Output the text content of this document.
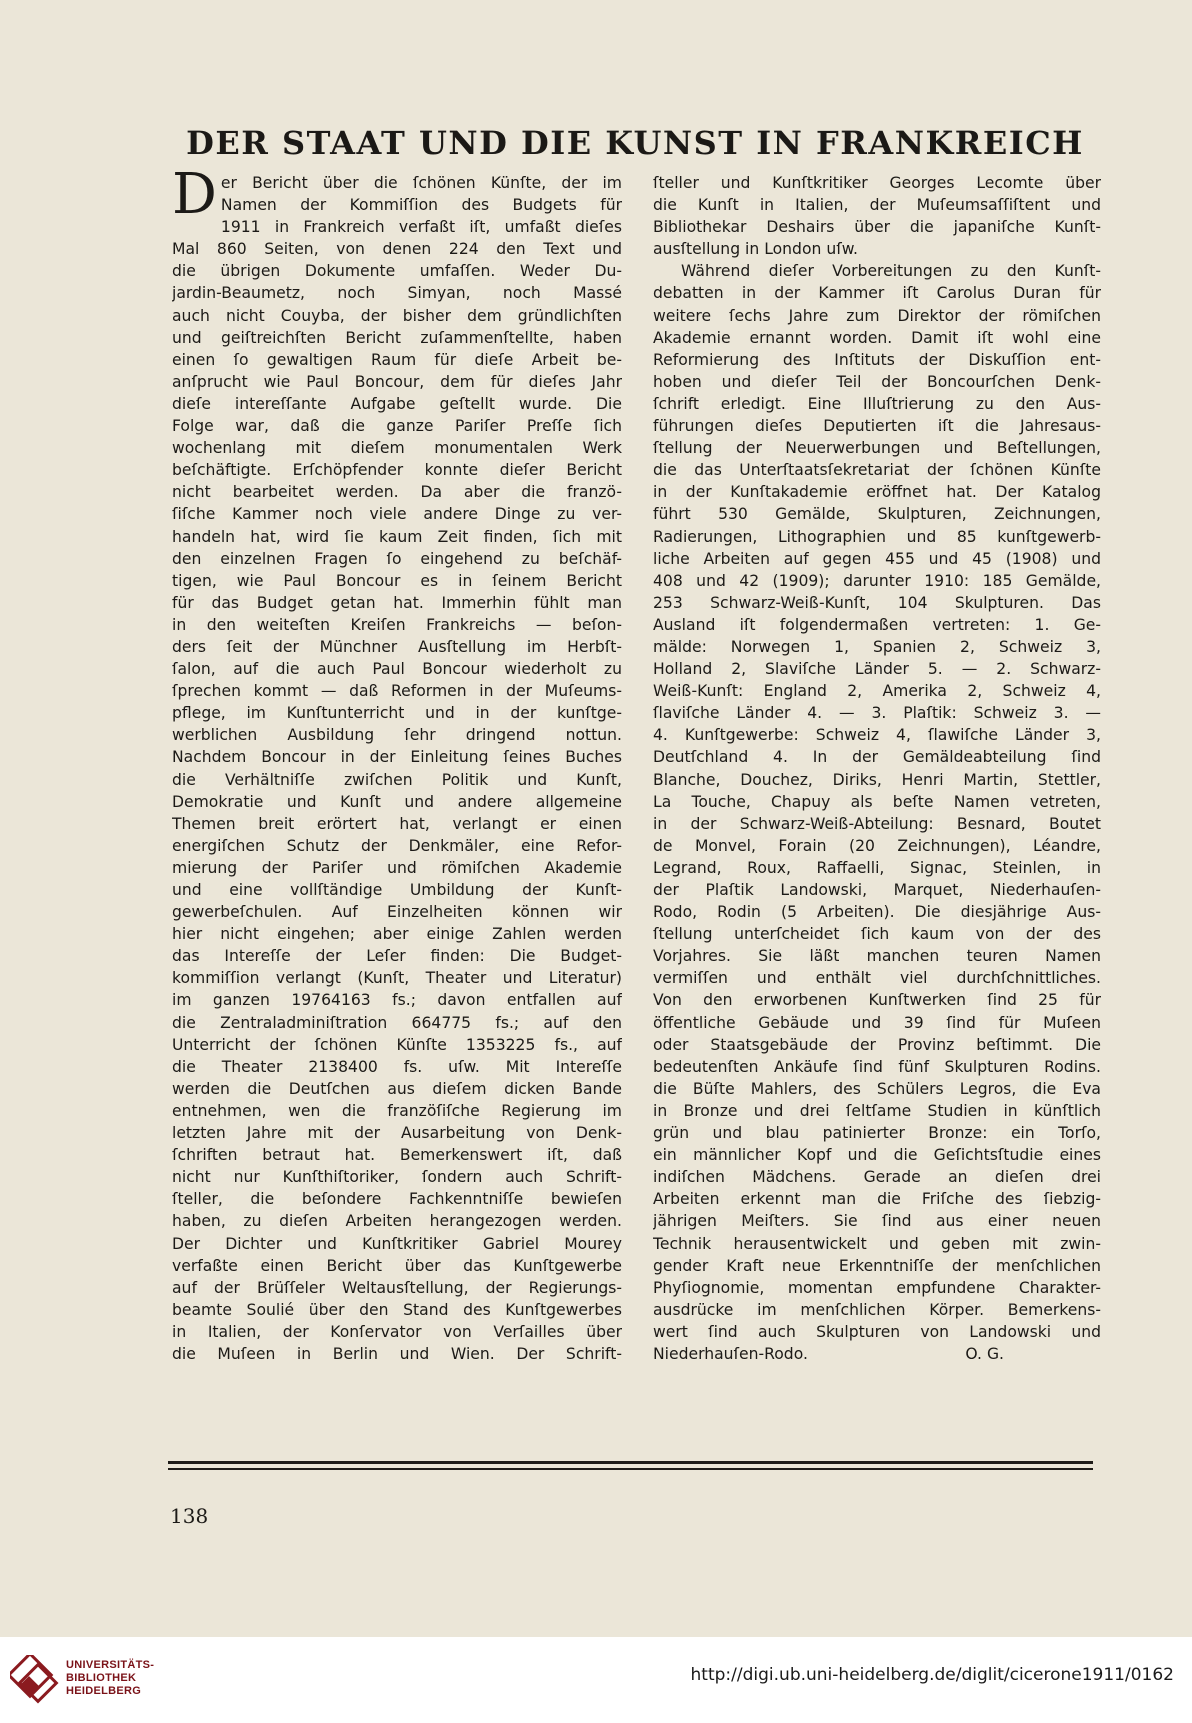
DER STAAT UND DIE KUNST IN FRANKREICH
D er Bericht über die ſchönen Künſte, der im
Namen der Kommiſſion des Budgets für
1911 in Frankreich verfaßt iſt, umfaßt dieſes
Mal 860 Seiten, von denen 224 den Text und
die übrigen Dokumente umfaſſen. Weder Du-
jardin-Beaumetz, noch Simyan, noch Massé
auch nicht Couyba, der bisher dem gründlichſten
und geiſtreichſten Bericht zuſammenſtellte, haben
einen ſo gewaltigen Raum für dieſe Arbeit be-
anſprucht wie Paul Boncour, dem für dieſes Jahr
dieſe intereſſante Aufgabe geſtellt wurde. Die
Folge war, daß die ganze Pariſer Preſſe ſich
wochenlang mit dieſem monumentalen Werk
beſchäftigte. Erſchöpfender konnte dieſer Bericht
nicht bearbeitet werden. Da aber die franzö-
ſiſche Kammer noch viele andere Dinge zu ver-
handeln hat, wird ſie kaum Zeit finden, ſich mit
den einzelnen Fragen ſo eingehend zu beſchäf-
tigen, wie Paul Boncour es in ſeinem Bericht
für das Budget getan hat. Immerhin fühlt man
in den weiteſten Kreiſen Frankreichs — beſon-
ders ſeit der Münchner Ausſtellung im Herbſt-
ſalon, auf die auch Paul Boncour wiederholt zu
ſprechen kommt — daß Reformen in der Muſeums-
pflege, im Kunſtunterricht und in der kunſtge-
werblichen Ausbildung ſehr dringend nottun.
Nachdem Boncour in der Einleitung ſeines Buches
die Verhältniſſe zwiſchen Politik und Kunſt,
Demokratie und Kunſt und andere allgemeine
Themen breit erörtert hat, verlangt er einen
energiſchen Schutz der Denkmäler, eine Refor-
mierung der Pariſer und römiſchen Akademie
und eine vollſtändige Umbildung der Kunſt-
gewerbeſchulen. Auf Einzelheiten können wir
hier nicht eingehen; aber einige Zahlen werden
das Intereſſe der Leſer finden: Die Budget-
kommiſſion verlangt (Kunſt, Theater und Literatur)
im ganzen 19764163 fs.; davon entfallen auf
die Zentraladminiſtration 664775 fs.; auf den
Unterricht der ſchönen Künſte 1353225 fs., auf
die Theater 2138400 fs. uſw. Mit Intereſſe
werden die Deutſchen aus dieſem dicken Bande
entnehmen, wen die franzöſiſche Regierung im
letzten Jahre mit der Ausarbeitung von Denk-
ſchriften betraut hat. Bemerkenswert iſt, daß
nicht nur Kunſthiſtoriker, ſondern auch Schrift-
ſteller, die beſondere Fachkenntniſſe bewieſen
haben, zu dieſen Arbeiten herangezogen werden.
Der Dichter und Kunſtkritiker Gabriel Mourey
verfaßte einen Bericht über das Kunſtgewerbe
auf der Brüſſeler Weltausſtellung, der Regierungs-
beamte Soulié über den Stand des Kunſtgewerbes
in Italien, der Konſervator von Verſailles über
die Muſeen in Berlin und Wien. Der Schrift-
ſteller und Kunſtkritiker Georges Lecomte über
die Kunſt in Italien, der Muſeumsaſſiſtent und
Bibliothekar Deshairs über die japaniſche Kunſt-
ausſtellung in London uſw.
Während dieſer Vorbereitungen zu den Kunſt-
debatten in der Kammer iſt Carolus Duran für
weitere ſechs Jahre zum Direktor der römiſchen
Akademie ernannt worden. Damit iſt wohl eine
Reformierung des Inſtituts der Diskuſſion ent-
hoben und dieſer Teil der Boncourſchen Denk-
ſchrift erledigt. Eine Illuſtrierung zu den Aus-
führungen dieſes Deputierten iſt die Jahresaus-
ſtellung der Neuerwerbungen und Beſtellungen,
die das Unterſtaatsſekretariat der ſchönen Künſte
in der Kunſtakademie eröffnet hat. Der Katalog
führt 530 Gemälde, Skulpturen, Zeichnungen,
Radierungen, Lithographien und 85 kunſtgewerb-
liche Arbeiten auf gegen 455 und 45 (1908) und
408 und 42 (1909); darunter 1910: 185 Gemälde,
253 Schwarz-Weiß-Kunſt, 104 Skulpturen. Das
Ausland iſt folgendermaßen vertreten: 1. Ge-
mälde: Norwegen 1, Spanien 2, Schweiz 3,
Holland 2, Slaviſche Länder 5. — 2. Schwarz-
Weiß-Kunſt: England 2, Amerika 2, Schweiz 4,
ſlaviſche Länder 4. — 3. Plaſtik: Schweiz 3. —
4. Kunſtgewerbe: Schweiz 4, ſlawiſche Länder 3,
Deutſchland 4. In der Gemäldeabteilung ſind
Blanche, Douchez, Diriks, Henri Martin, Stettler,
La Touche, Chapuy als beſte Namen vetreten,
in der Schwarz-Weiß-Abteilung: Besnard, Boutet
de Monvel, Forain (20 Zeichnungen), Léandre,
Legrand, Roux, Raffaelli, Signac, Steinlen, in
der Plaſtik Landowski, Marquet, Niederhauſen-
Rodo, Rodin (5 Arbeiten). Die diesjährige Aus-
ſtellung unterſcheidet ſich kaum von der des
Vorjahres. Sie läßt manchen teuren Namen
vermiſſen und enthält viel durchſchnittliches.
Von den erworbenen Kunſtwerken ſind 25 für
öffentliche Gebäude und 39 ſind für Muſeen
oder Staatsgebäude der Provinz beſtimmt. Die
bedeutenſten Ankäufe ſind fünf Skulpturen Rodins.
die Büſte Mahlers, des Schülers Legros, die Eva
in Bronze und drei ſeltſame Studien in künſtlich
grün und blau patinierter Bronze: ein Torſo,
ein männlicher Kopf und die Geſichtsſtudie eines
indiſchen Mädchens. Gerade an dieſen drei
Arbeiten erkennt man die Friſche des ſiebzig-
jährigen Meiſters. Sie ſind aus einer neuen
Technik herausentwickelt und geben mit zwin-
gender Kraft neue Erkenntniſſe der menſchlichen
Phyſiognomie, momentan empfundene Charakter-
ausdrücke im menſchlichen Körper. Bemerkens-
wert ſind auch Skulpturen von Landowski und
Niederhauſen-Rodo.	O. G.
138
UNIVERSITÄTS-
BIBLIOTHEK
HEIDELBERG
http://digi.ub.uni-heidelberg.de/diglit/cicerone1911/0162
